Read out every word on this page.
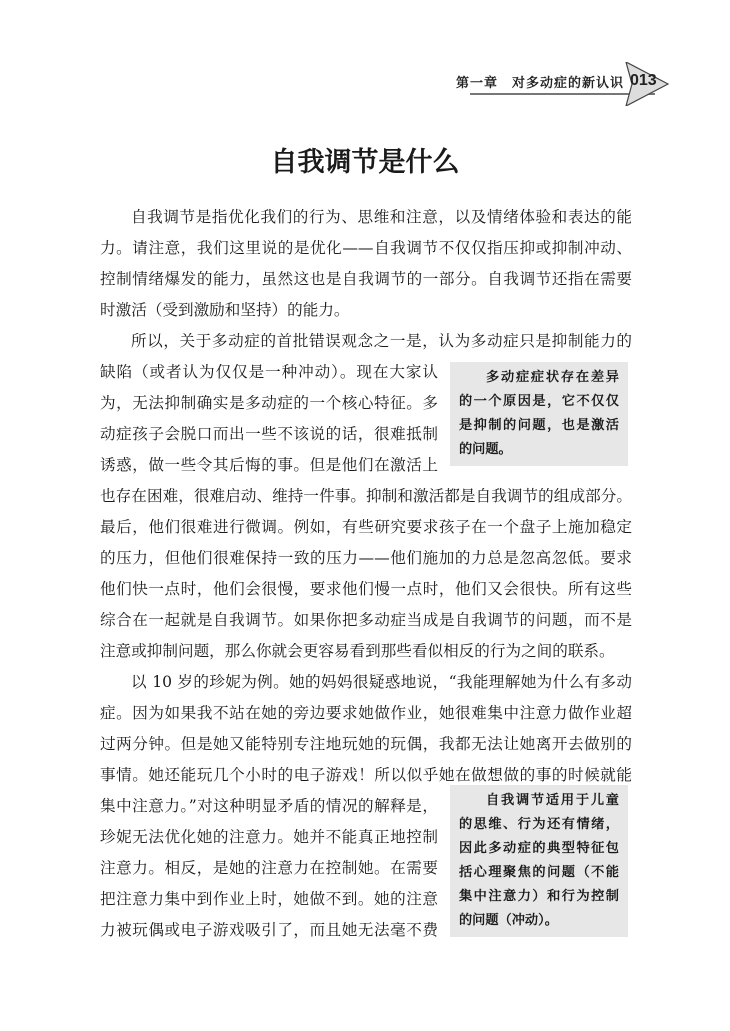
第一章　对多动症的新认识 013
自我调节是什么
自我调节是指优化我们的行为、思维和注意，以及情绪体验和表达的能
力。请注意，我们这里说的是优化——自我调节不仅仅指压抑或抑制冲动、
控制情绪爆发的能力，虽然这也是自我调节的一部分。自我调节还指在需要
时激活（受到激励和坚持）的能力。
所以，关于多动症的首批错误观念之一是，认为多动症只是抑制能力的
缺陷（或者认为仅仅是一种冲动）。现在大家认
为，无法抑制确实是多动症的一个核心特征。多
动症孩子会脱口而出一些不该说的话，很难抵制
诱惑，做一些令其后悔的事。但是他们在激活上
也存在困难，很难启动、维持一件事。抑制和激活都是自我调节的组成部分。
最后，他们很难进行微调。例如，有些研究要求孩子在一个盘子上施加稳定
的压力，但他们很难保持一致的压力——他们施加的力总是忽高忽低。要求
他们快一点时，他们会很慢，要求他们慢一点时，他们又会很快。所有这些
综合在一起就是自我调节。如果你把多动症当成是自我调节的问题，而不是
注意或抑制问题，那么你就会更容易看到那些看似相反的行为之间的联系。
以 10 岁的珍妮为例。她的妈妈很疑惑地说，“我能理解她为什么有多动
症。因为如果我不站在她的旁边要求她做作业，她很难集中注意力做作业超
过两分钟。但是她又能特别专注地玩她的玩偶，我都无法让她离开去做别的
事情。她还能玩几个小时的电子游戏！所以似乎她在做想做的事的时候就能
集中注意力。”对这种明显矛盾的情况的解释是，
珍妮无法优化她的注意力。她并不能真正地控制
注意力。相反，是她的注意力在控制她。在需要
把注意力集中到作业上时，她做不到。她的注意
力被玩偶或电子游戏吸引了，而且她无法毫不费
多动症症状存在差异
的一个原因是，它不仅仅
是抑制的问题，也是激活
的问题。
自我调节适用于儿童
的思维、行为还有情绪，
因此多动症的典型特征包
括心理聚焦的问题（不能
集中注意力）和行为控制
的问题（冲动）。
